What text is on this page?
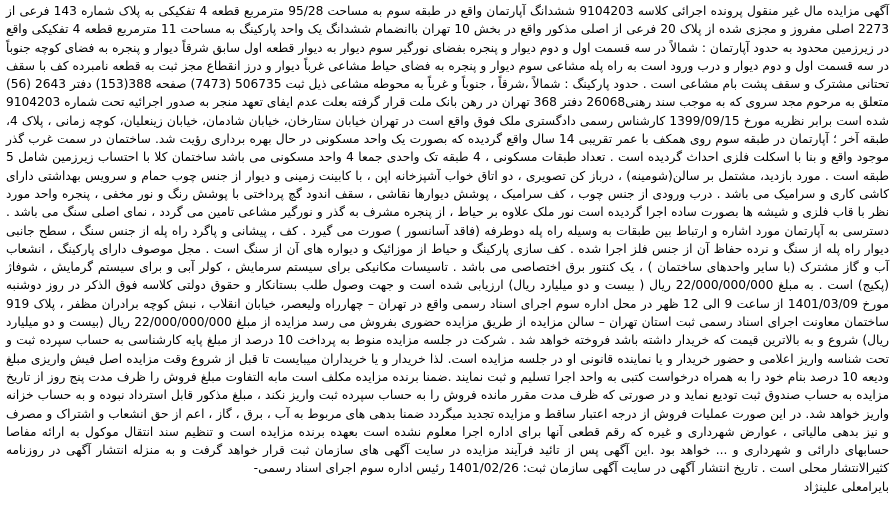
آگهی مزایده مال غیر منقول پرونده اجرائی کلاسه 9104203 ششدانگ آپارتمان واقع در طبقه سوم به مساحت 95/28 مترمربع قطعه 4 تفکیکی به پلاک شماره 143 فرعی از 2273 اصلی مفروز و مجزی شده از پلاک 20 فرعی از اصلی مذکور واقع در بخش 10 تهران باانضمام ششدانگ یک واحد پارکینگ به مساحت 11 مترمربع قطعه 4 تفکیکی واقع در زیرزمین محدود به حدود آپارتمان : شمالاً در سه قسمت اول و دوم دیوار و پنجره بفضای نورگیر سوم دیوار به دیوار قطعه اول سابق شرقاً دیوار و پنجره به فضای کوچه جنوباً در سه قسمت اول و دوم دیوار و درب ورود است به راه پله مشاعی سوم دیوار و پنجره به فضای حیاط مشاعی غرباً دیوار و درز انقطاع مجز ثبت به قطعه نامبرده کف با سقف تحتانی مشترک و سقف پشت بام مشاعی است . حدود پارکینگ : شمالاً ،شرقاً ، جنوباً و غرباً به محوطه مشاعی ذیل ثبت 506735 (7473) صفحه 388(153) دفتر 2643 (56) متعلق به مرحوم مجد سروی که به موجب سند رهنی26068 دفتر 368 تهران در رهن بانک ملت قرار گرفته بعلت عدم ایفای تعهد منجر به صدور اجرائیه تحت شماره 9104203 شده است برابر نظریه مورخ 1399/09/15 کارشناس رسمی دادگستری ملک فوق واقع است در تهران خیابان ستارخان، خیابان شادمان، خیابان زینعلیان، کوچه زمانی ، پلاک 4، طبقه آخر ؛ آپارتمان در طبقه سوم روی همکف با عمر تقریبی 14 سال واقع گردیده که بصورت یک واحد مسکونی در حال بهره برداری رؤیت شد. ساختمان در سمت غرب گذر موجود واقع و بنا با اسکلت فلزی احداث گردیده است . تعداد طبقات مسکونی ، 4 طبقه تک واحدی جمعا 4 واحد مسکونی می باشد ساختمان کلا با احتساب زیرزمین شامل 5 طبقه است . مورد بازدید، مشتمل بر سالن(شومینه) ، درباز کن تصویری ، دو اتاق خواب آشپزخانه اپن ، با کابینت زمینی و دیوار از جنس چوب حمام و سرویس بهداشتی دارای کاشی کاری و سرامیک می باشد . درب ورودی از جنس چوب ، کف سرامیک ، پوشش دیوارها نقاشی ، سقف اندود گچ پرداختی با پوشش رنگ و نور مخفی ، پنجره واحد مورد نظر با قاب فلزی و شیشه ها بصورت ساده اجرا گردیده است نور ملک علاوه بر حیاط ، از پنجره مشرف به گذر و نورگیر مشاعی تامین می گردد ، نمای اصلی سنگ می باشد . دسترسی به آپارتمان مورد اشاره و ارتباط بین طبقات به وسیله راه پله دوطرفه (فاقد آسانسور ) صورت می گیرد . کف ، پیشانی و پاگرد راه پله از جنس سنگ ، سطح جانبی دیوار راه پله از سنگ و نرده حفاظ آن از جنس فلز اجرا شده . کف سازی پارکینگ و حیاط از موزائیک و دیواره های آن از سنگ است . مجل موصوف دارای پارکینگ ، انشعاب آب و گاز مشترک (با سایر واحدهای ساختمان ) ، یک کنتور برق اختصاصی می باشد . تاسیسات مکانیکی برای سیستم سرمایش ، کولر آبی و برای سیستم گرمایش ، شوفاژ (پکیج) است . به مبلغ 22/000/000/000 ریال ( بیست و دو میلیارد ریال) ارزیابی شده است و جهت وصول طلب بستانکار و حقوق دولتی کلاسه فوق الذکر در روز دوشنبه مورخ 1401/03/09 از ساعت 9 الی 12 ظهر در محل اداره سوم اجرای اسناد رسمی واقع در تهران – چهارراه ولیعصر، خیابان انقلاب ، نبش کوچه برادران مظفر ، پلاک 919 ساختمان معاونت اجرای اسناد رسمی ثبت استان تهران – سالن مزایده از طریق مزایده حضوری بفروش می رسد مزایده از مبلغ 22/000/000/000 ریال (بیست و دو میلیارد ریال) شروع و به بالاترین قیمت که خریدار داشته باشد فروخته خواهد شد . شرکت در جلسه مزایده منوط به پرداخت 10 درصد از مبلغ پایه کارشناسی به حساب سپرده ثبت و تحت شناسه واریز اعلامی و حضور خریدار و یا نماینده قانونی او در جلسه مزایده است. لذا خریدار و یا خریداران میبایست تا قبل از شروع وقت مزایده اصل فیش واریزی مبلغ ودیعه 10 درصد بنام خود را به همراه درخواست کتبی به واحد اجرا تسلیم و ثبت نمایند .ضمنا برنده مزایده مکلف است مابه التفاوت مبلغ فروش را ظرف مدت پنج روز از تاریخ مزایده به حساب صندوق ثبت تودیع نماید و در صورتی که ظرف مدت مقرر مانده فروش را به حساب سپرده ثبت واریز نکند ، مبلغ مذکور قابل استرداد نبوده و به حساب خزانه واریز خواهد شد. در این صورت عملیات فروش از درجه اعتبار ساقط و مزایده تجدید میگردد ضمنا بدهی های مربوط به آب ، برق ، گاز ، اعم از حق انشعاب و اشتراک و مصرف و نیز بدهی مالیاتی ، عوارض شهرداری و غیره که رقم قطعی آنها برای اداره اجرا معلوم نشده است بعهده برنده مزایده است و تنظیم سند انتقال موکول به ارائه مفاصا حسابهای دارائی و شهرداری و ... خواهد بود .این آگهی پس از تائید فرآیند مزایده در سایت آگهی های سازمان ثبت قرار خواهد گرفت و به منزله انتشار آگهی در روزنامه کثیرالانتشار محلی است . تاریخ انتشار آگهی در سایت آگهی سازمان ثبت: 1401/02/26 رئیس اداره سوم اجرای اسناد رسمی-
بایرامعلی علینژاد
